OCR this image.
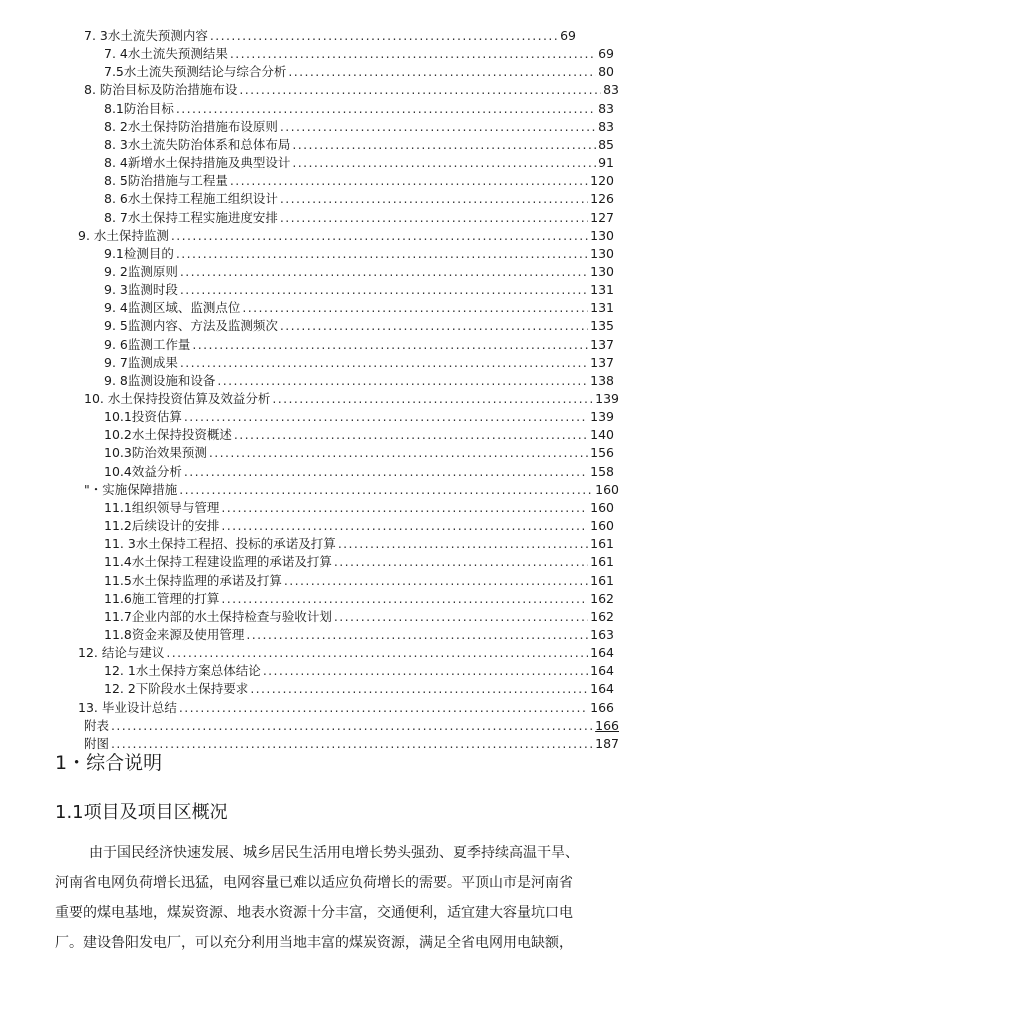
7. 3水土流失预测内容 .....	69
7. 4水土流失预测结果 .....	69
7.5水土流失预测结论与综合分析 .....	80
8. 防治目标及防治措施布设 .....	83
8.1防治目标 .....	83
8. 2水土保持防治措施布设原则 .....	83
8. 3水土流失防治体系和总体布局 .....	85
8. 4新增水土保持措施及典型设计 .....	91
8. 5防治措施与工程量 .....	120
8. 6水土保持工程施工组织设计 .....	126
8. 7水土保持工程实施进度安排 .....	127
9. 水土保持监测 .....	130
9.1检测目的 .....	130
9. 2监测原则 .....	130
9. 3监测时段 .....	131
9. 4监测区域、监测点位 .....	131
9. 5监测内容、方法及监测频次 .....	135
9. 6监测工作量 .....	137
9. 7监测成果 .....	137
9. 8监测设施和设备 .....	138
10. 水土保持投资估算及效益分析 .....	139
10.1投资估算 .....	139
10.2水土保持投资概述 .....	140
10.3防治效果预测 .....	156
10.4效益分析 .....	158
"・实施保障措施 .....	160
11.1组织领导与管理 .....	160
11.2后续设计的安排 .....	160
11. 3水土保持工程招、投标的承诺及打算 .....	161
11.4水土保持工程建设监理的承诺及打算 .....	161
11.5水土保持监理的承诺及打算 .....	161
11.6施工管理的打算 .....	162
11.7企业内部的水土保持检查与验收计划 .....	162
11.8资金来源及使用管理 .....	163
12. 结论与建议 .....	164
12. 1水土保持方案总体结论 .....	164
12. 2下阶段水土保持要求 .....	164
13. 毕业设计总结 .....	166
附表 .....	166
附图 .....	187
1・综合说明
1.1项目及项目区概况
由于国民经济快速发展、城乡居民生活用电增长势头强劲、夏季持续高温干旱、
河南省电网负荷增长迅猛，电网容量已难以适应负荷增长的需要。平顶山市是河南省
重要的煤电基地，煤炭资源、地表水资源十分丰富，交通便利，适宜建大容量坑口电
厂。建设鲁阳发电厂，可以充分利用当地丰富的煤炭资源，满足全省电网用电缺额，
